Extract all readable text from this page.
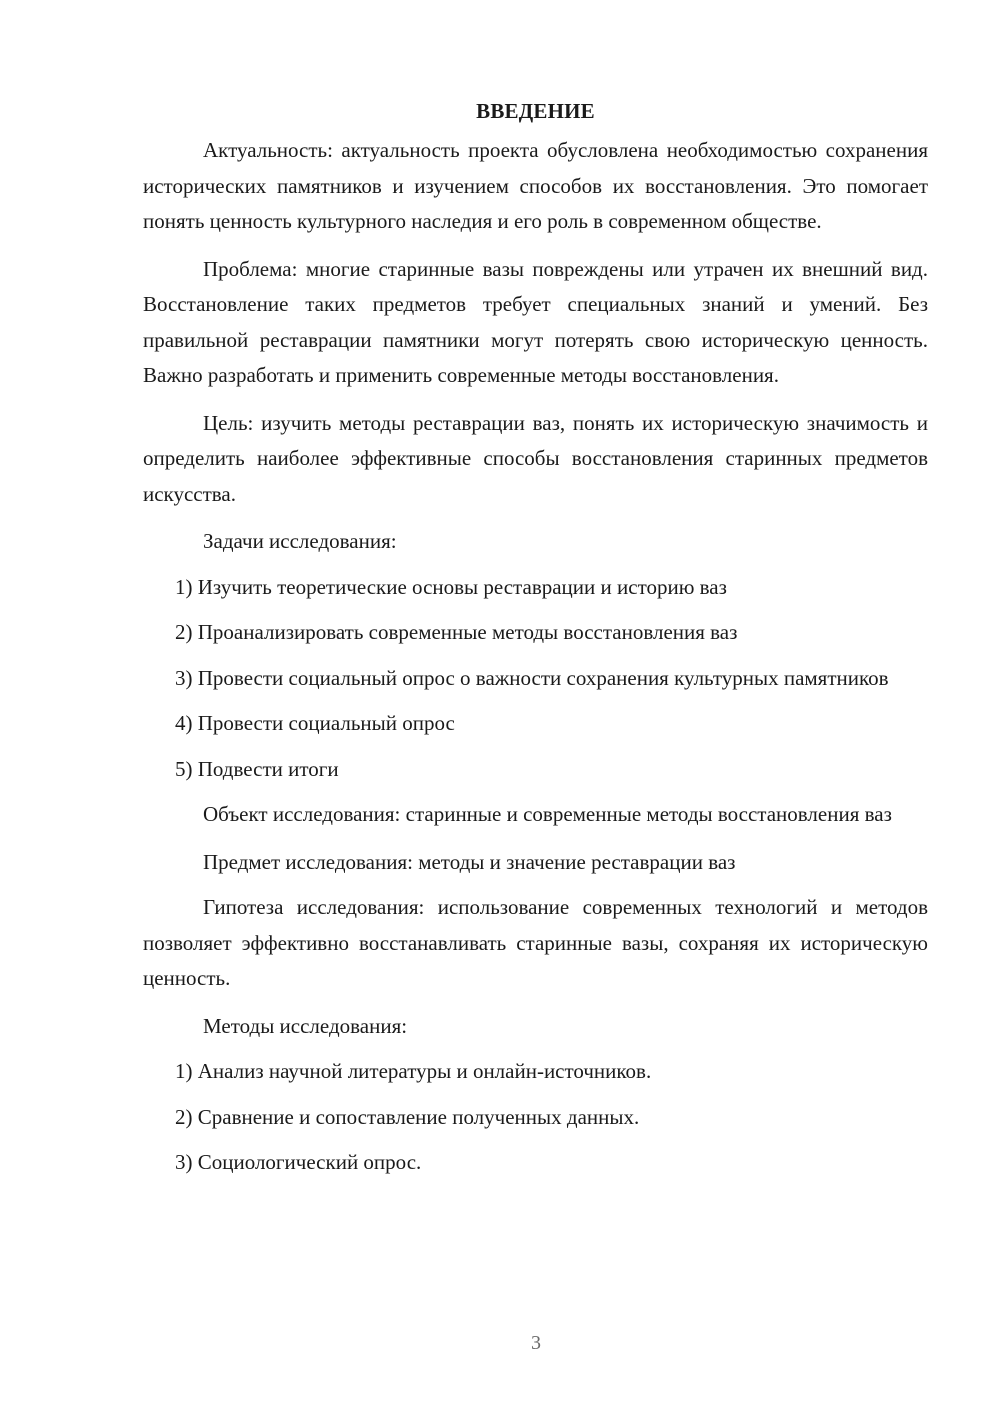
ВВЕДЕНИЕ

Актуальность: актуальность проекта обусловлена необходимостью сохранения исторических памятников и изучением способов их восстановления. Это помогает понять ценность культурного наследия и его роль в современном обществе.

Проблема: многие старинные вазы повреждены или утрачен их внешний вид. Восстановление таких предметов требует специальных знаний и умений. Без правильной реставрации памятники могут потерять свою историческую ценность. Важно разработать и применить современные методы восстановления.

Цель: изучить методы реставрации ваз, понять их историческую значимость и определить наиболее эффективные способы восстановления старинных предметов искусства.

Задачи исследования:

1) Изучить теоретические основы реставрации и историю ваз

2) Проанализировать современные методы восстановления ваз

3) Провести социальный опрос о важности сохранения культурных памятников

4) Провести социальный опрос

5) Подвести итоги

Объект исследования: старинные и современные методы восстановления ваз

Предмет исследования: методы и значение реставрации ваз

Гипотеза исследования: использование современных технологий и методов позволяет эффективно восстанавливать старинные вазы, сохраняя их историческую ценность.

Методы исследования:

1) Анализ научной литературы и онлайн-источников.

2) Сравнение и сопоставление полученных данных.

3) Социологический опрос.

3
